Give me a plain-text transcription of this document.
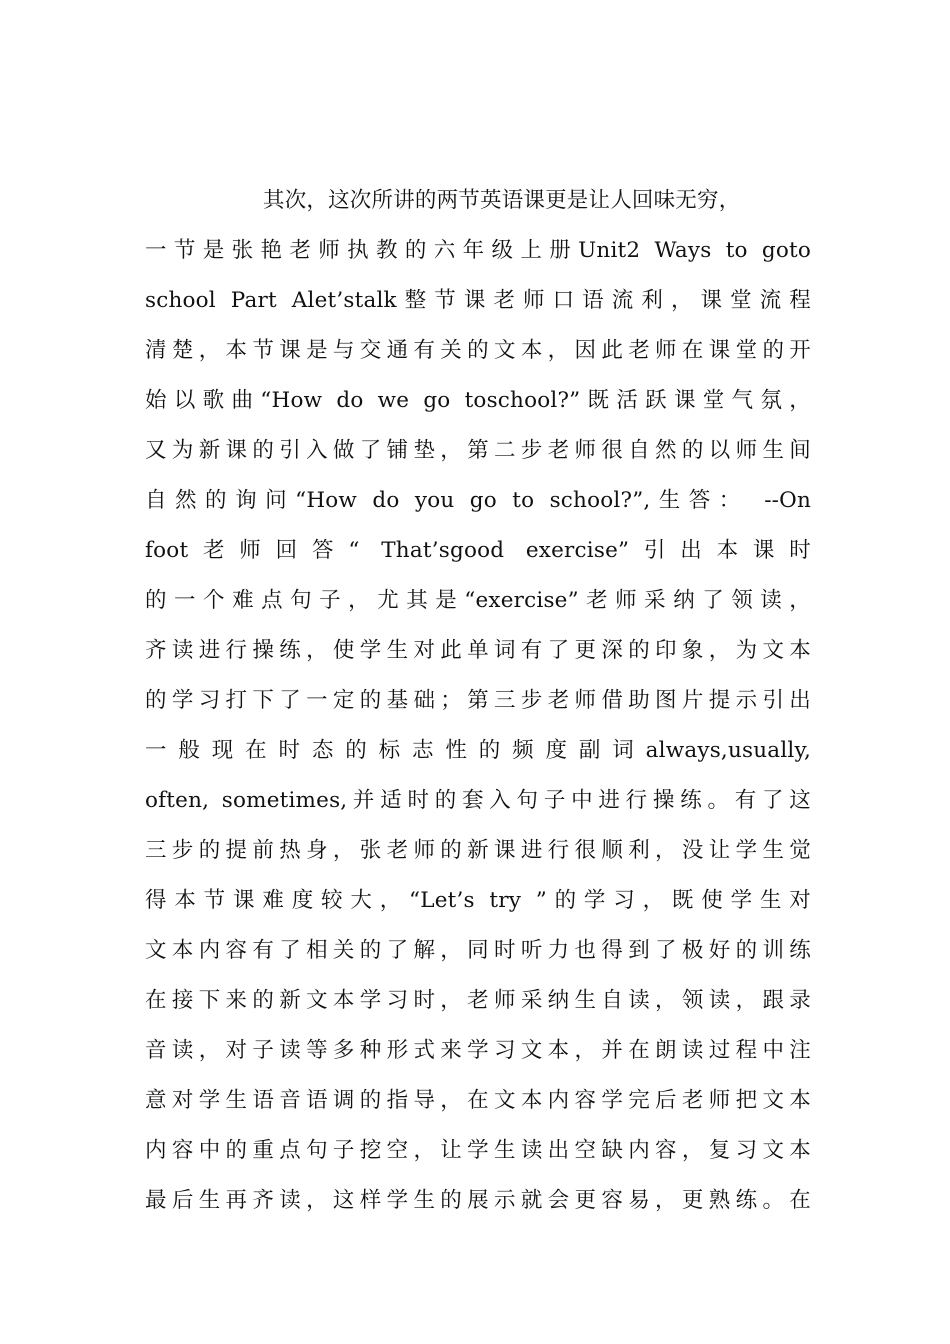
其次，这次所讲的两节英语课更是让人回味无穷，
一节是张艳老师执教的六年级上册Unit2 Ways to goto
school Part Alet’stalk整节课老师口语流利，课堂流程
清楚，本节课是与交通有关的文本，因此老师在课堂的开
始以歌曲“How do we go toschool?”既活跃课堂气氛，
又为新课的引入做了铺垫，第二步老师很自然的以师生间
自然的询问“How do you go to school?”,生答： --On
foot老师回答“ That’sgood exercise”引出本课时
的一个难点句子，尤其是“exercise”老师采纳了领读，
齐读进行操练，使学生对此单词有了更深的印象，为文本
的学习打下了一定的基础；第三步老师借助图片提示引出
一般现在时态的标志性的频度副词always,usually,
often, sometimes,并适时的套入句子中进行操练。有了这
三步的提前热身，张老师的新课进行很顺利，没让学生觉
得本节课难度较大，“Let’s try ”的学习，既使学生对
文本内容有了相关的了解，同时听力也得到了极好的训练
在接下来的新文本学习时，老师采纳生自读，领读，跟录
音读，对子读等多种形式来学习文本，并在朗读过程中注
意对学生语音语调的指导，在文本内容学完后老师把文本
内容中的重点句子挖空，让学生读出空缺内容，复习文本
最后生再齐读，这样学生的展示就会更容易，更熟练。在
